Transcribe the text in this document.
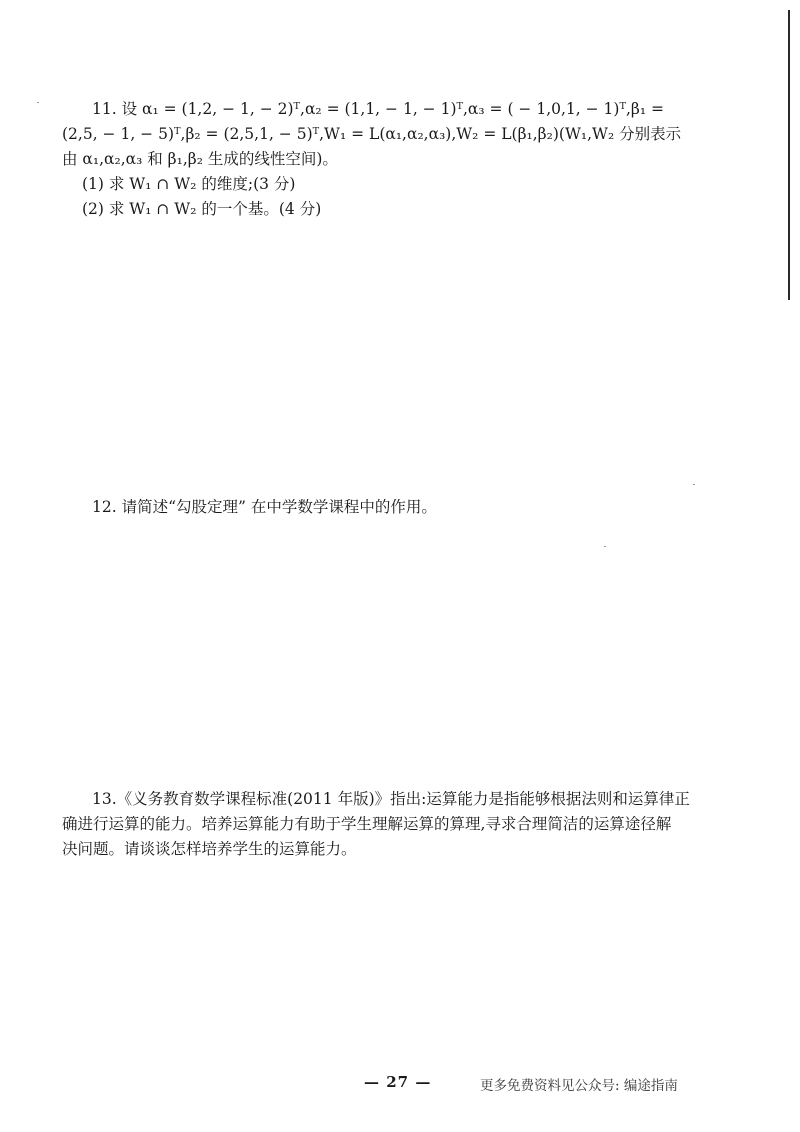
11. 设 α₁ = (1,2, − 1, − 2)ᵀ,α₂ = (1,1, − 1, − 1)ᵀ,α₃ = ( − 1,0,1, − 1)ᵀ,β₁ =
(2,5, − 1, − 5)ᵀ,β₂ = (2,5,1, − 5)ᵀ,W₁ = L(α₁,α₂,α₃),W₂ = L(β₁,β₂)(W₁,W₂ 分别表示
由 α₁,α₂,α₃ 和 β₁,β₂ 生成的线性空间)。
(1) 求 W₁ ∩ W₂ 的维度;(3 分)
(2) 求 W₁ ∩ W₂ 的一个基。(4 分)
12. 请简述“勾股定理” 在中学数学课程中的作用。
13.《义务教育数学课程标准(2011 年版)》指出:运算能力是指能够根据法则和运算律正
确进行运算的能力。培养运算能力有助于学生理解运算的算理,寻求合理简洁的运算途径解
决问题。请谈谈怎样培养学生的运算能力。
— 27 —	更多免费资料见公众号: 编途指南
